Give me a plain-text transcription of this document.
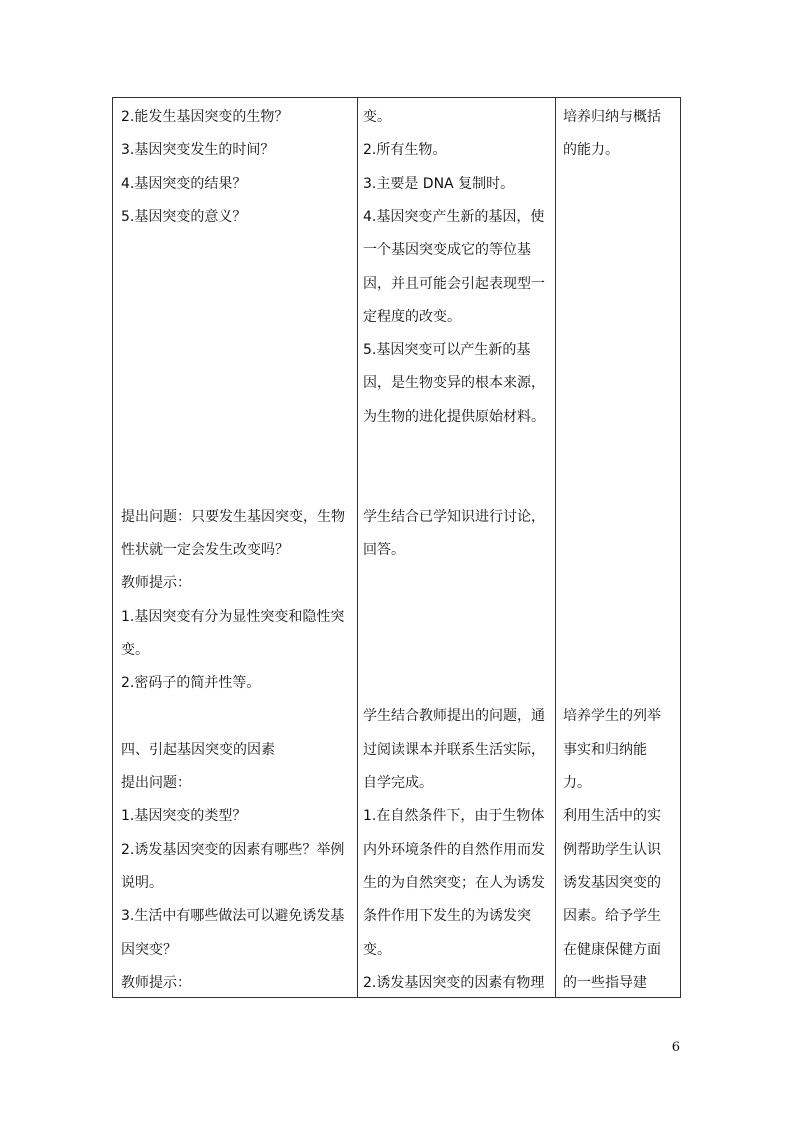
2.能发生基因突变的生物？
3.基因突变发生的时间？
4.基因突变的结果？
5.基因突变的意义？
提出问题：只要发生基因突变，生物
性状就一定会发生改变吗？
教师提示：
1.基因突变有分为显性突变和隐性突
变。
2.密码子的简并性等。
四、引起基因突变的因素
提出问题：
1.基因突变的类型？
2.诱发基因突变的因素有哪些？举例
说明。
3.生活中有哪些做法可以避免诱发基
因突变？
教师提示：
变。
2.所有生物。
3.主要是 DNA 复制时。
4.基因突变产生新的基因，使
一个基因突变成它的等位基
因，并且可能会引起表现型一
定程度的改变。
5.基因突变可以产生新的基
因，是生物变异的根本来源，
为生物的进化提供原始材料。
学生结合已学知识进行讨论，
回答。
学生结合教师提出的问题，通
过阅读课本并联系生活实际，
自学完成。
1.在自然条件下，由于生物体
内外环境条件的自然作用而发
生的为自然突变；在人为诱发
条件作用下发生的为诱发突
变。
2.诱发基因突变的因素有物理
培养归纳与概括
的能力。
培养学生的列举
事实和归纳能
力。
利用生活中的实
例帮助学生认识
诱发基因突变的
因素。给予学生
在健康保健方面
的一些指导建
6
